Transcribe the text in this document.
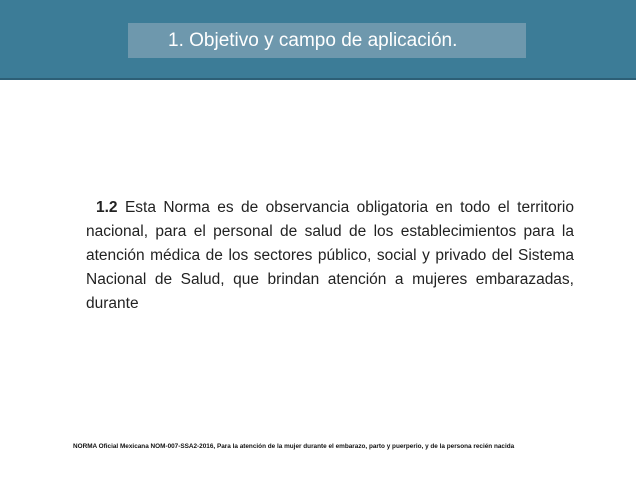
1. Objetivo y campo de aplicación.
1.2 Esta Norma es de observancia obligatoria en todo el territorio nacional, para el personal de salud de los establecimientos para la atención médica de los sectores público, social y privado del Sistema Nacional de Salud, que brindan atención a mujeres embarazadas, durante
NORMA Oficial Mexicana NOM-007-SSA2-2016, Para la atención de la mujer durante el embarazo, parto y puerperio, y de la persona recién nacida
